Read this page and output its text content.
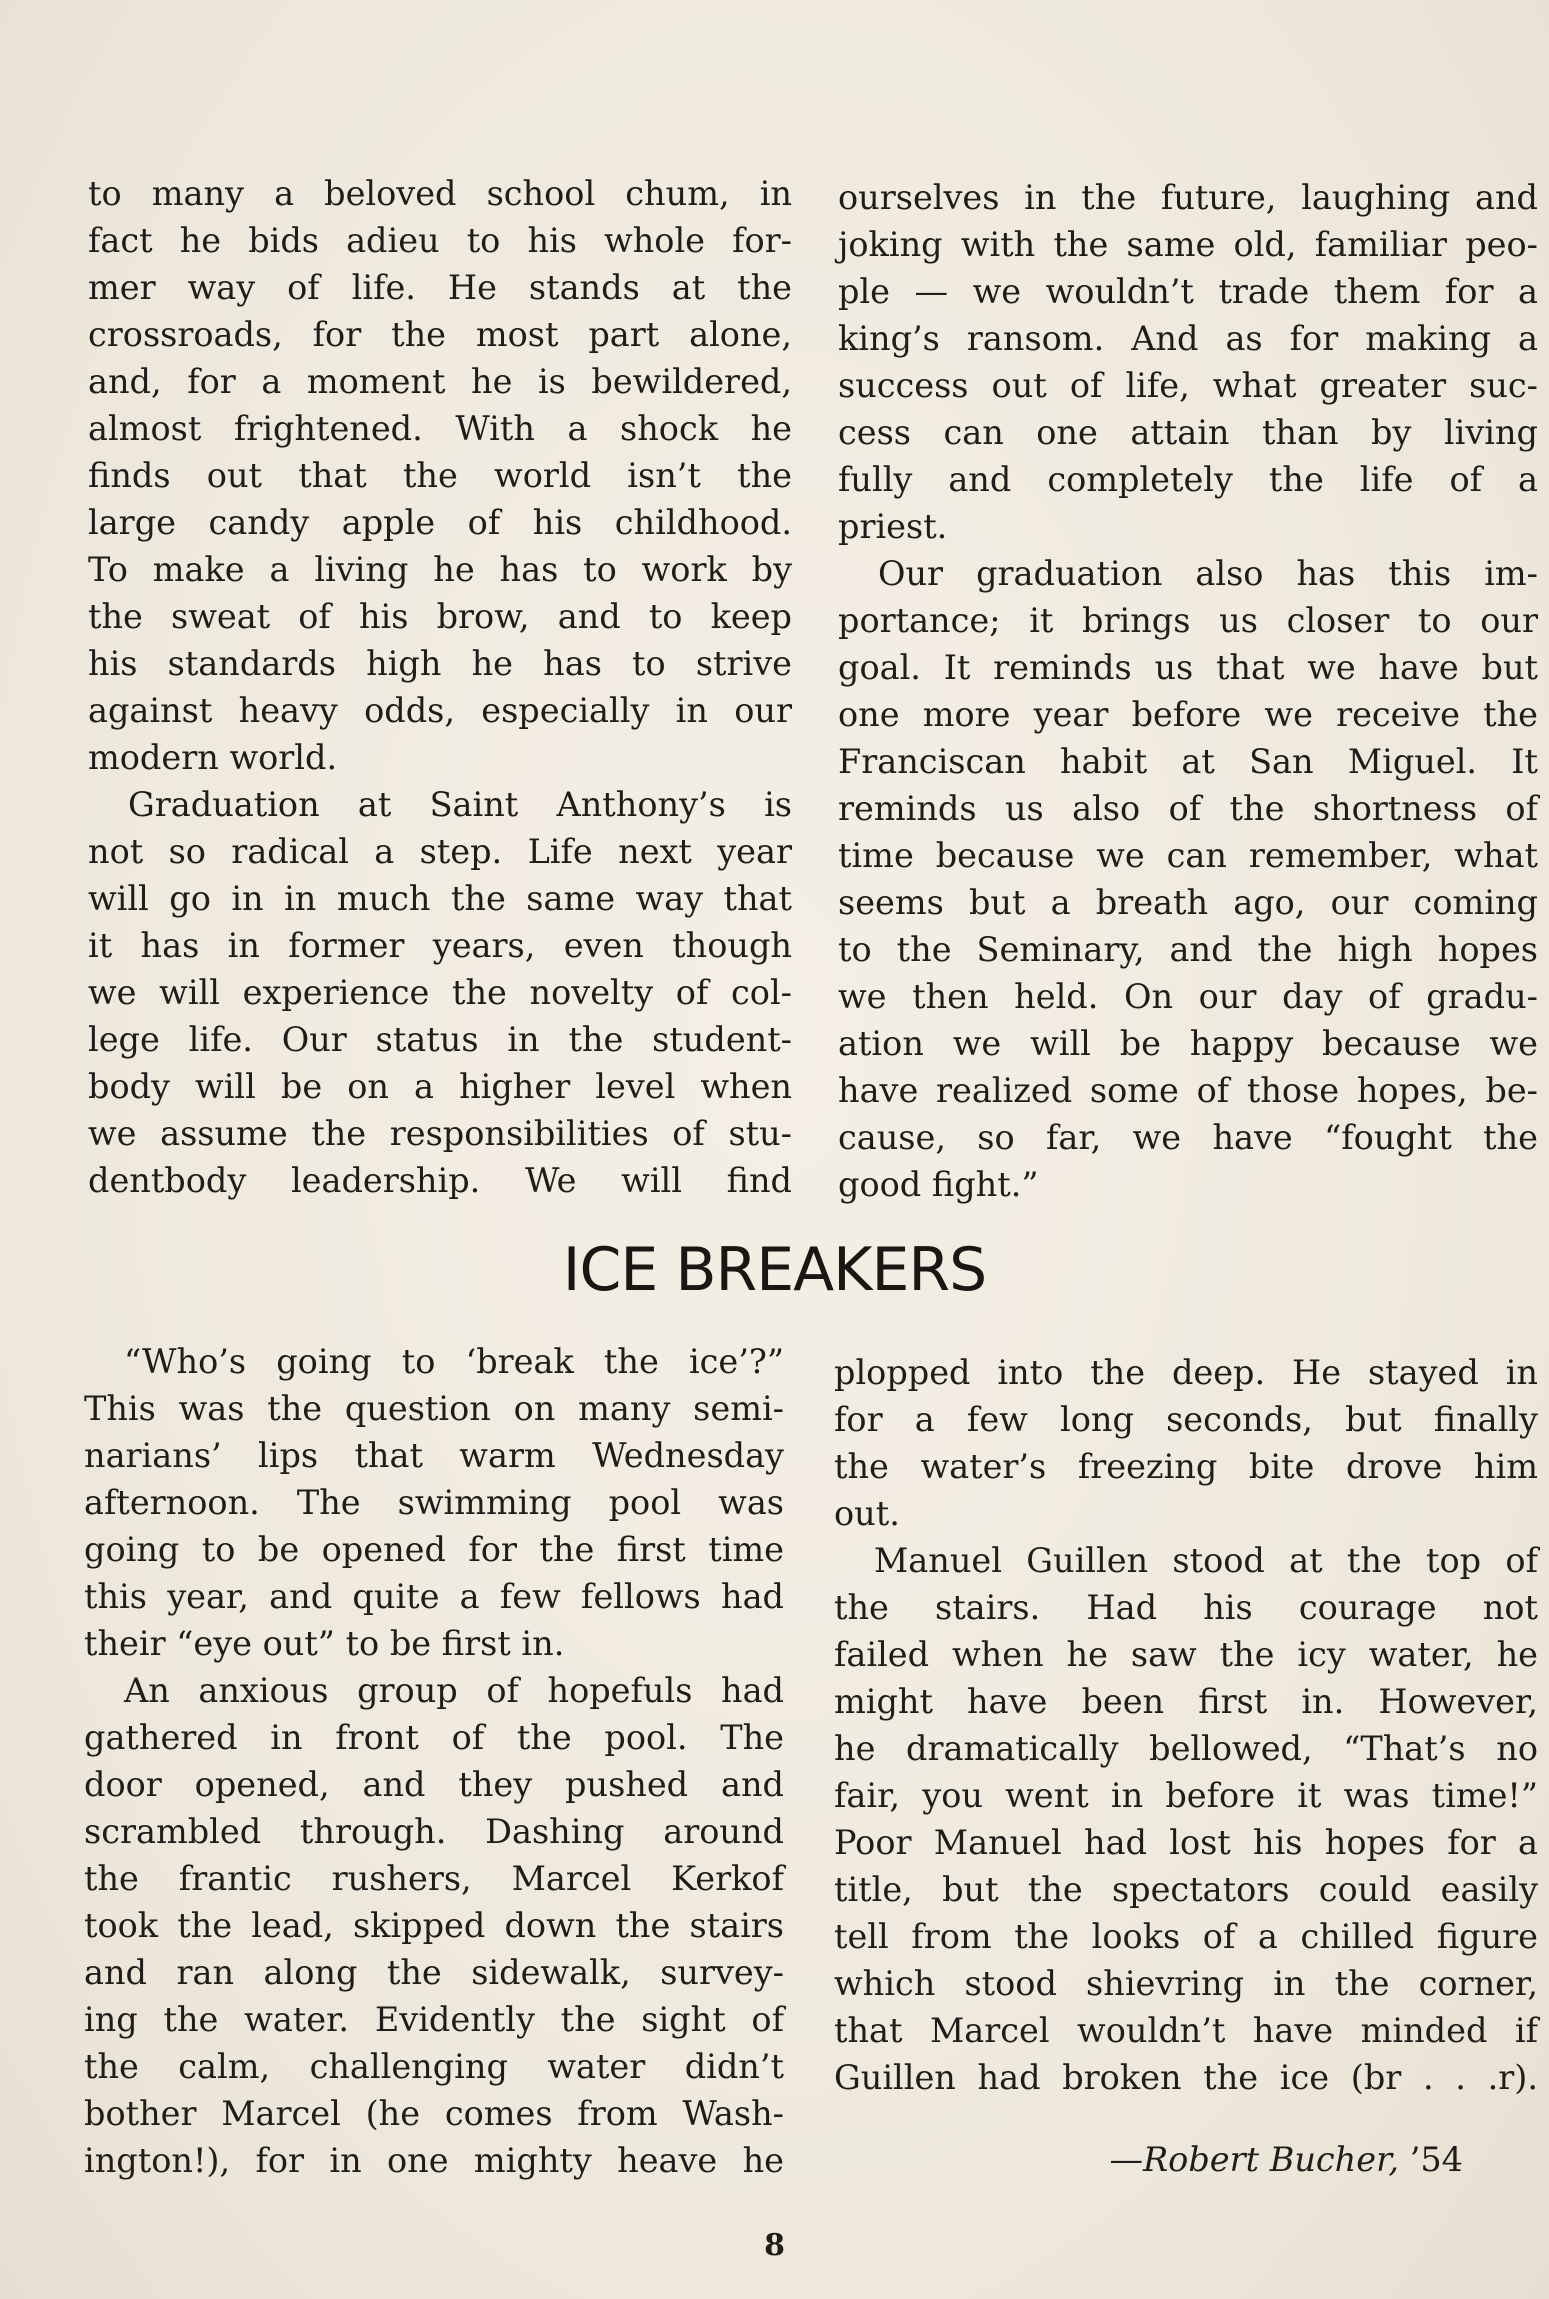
to many a beloved school chum, in
fact he bids adieu to his whole for-
mer way of life. He stands at the
crossroads, for the most part alone,
and, for a moment he is bewildered,
almost frightened. With a shock he
finds out that the world isn’t the
large candy apple of his childhood.
To make a living he has to work by
the sweat of his brow, and to keep
his standards high he has to strive
against heavy odds, especially in our
modern world.
Graduation at Saint Anthony’s is
not so radical a step. Life next year
will go in in much the same way that
it has in former years, even though
we will experience the novelty of col-
lege life. Our status in the student-
body will be on a higher level when
we assume the responsibilities of stu-
dentbody leadership. We will find
ourselves in the future, laughing and
joking with the same old, familiar peo-
ple — we wouldn’t trade them for a
king’s ransom. And as for making a
success out of life, what greater suc-
cess can one attain than by living
fully and completely the life of a
priest.
Our graduation also has this im-
portance; it brings us closer to our
goal. It reminds us that we have but
one more year before we receive the
Franciscan habit at San Miguel. It
reminds us also of the shortness of
time because we can remember, what
seems but a breath ago, our coming
to the Seminary, and the high hopes
we then held. On our day of gradu-
ation we will be happy because we
have realized some of those hopes, be-
cause, so far, we have “fought the
good fight.”
ICE BREAKERS
“Who’s going to ‘break the ice’?”
This was the question on many semi-
narians’ lips that warm Wednesday
afternoon. The swimming pool was
going to be opened for the first time
this year, and quite a few fellows had
their “eye out” to be first in.
An anxious group of hopefuls had
gathered in front of the pool. The
door opened, and they pushed and
scrambled through. Dashing around
the frantic rushers, Marcel Kerkof
took the lead, skipped down the stairs
and ran along the sidewalk, survey-
ing the water. Evidently the sight of
the calm, challenging water didn’t
bother Marcel (he comes from Wash-
ington!), for in one mighty heave he
plopped into the deep. He stayed in
for a few long seconds, but finally
the water’s freezing bite drove him
out.
Manuel Guillen stood at the top of
the stairs. Had his courage not
failed when he saw the icy water, he
might have been first in. However,
he dramatically bellowed, “That’s no
fair, you went in before it was time!”
Poor Manuel had lost his hopes for a
title, but the spectators could easily
tell from the looks of a chilled figure
which stood shievring in the corner,
that Marcel wouldn’t have minded if
Guillen had broken the ice (br . . .r).
—Robert Bucher, ’54
8
